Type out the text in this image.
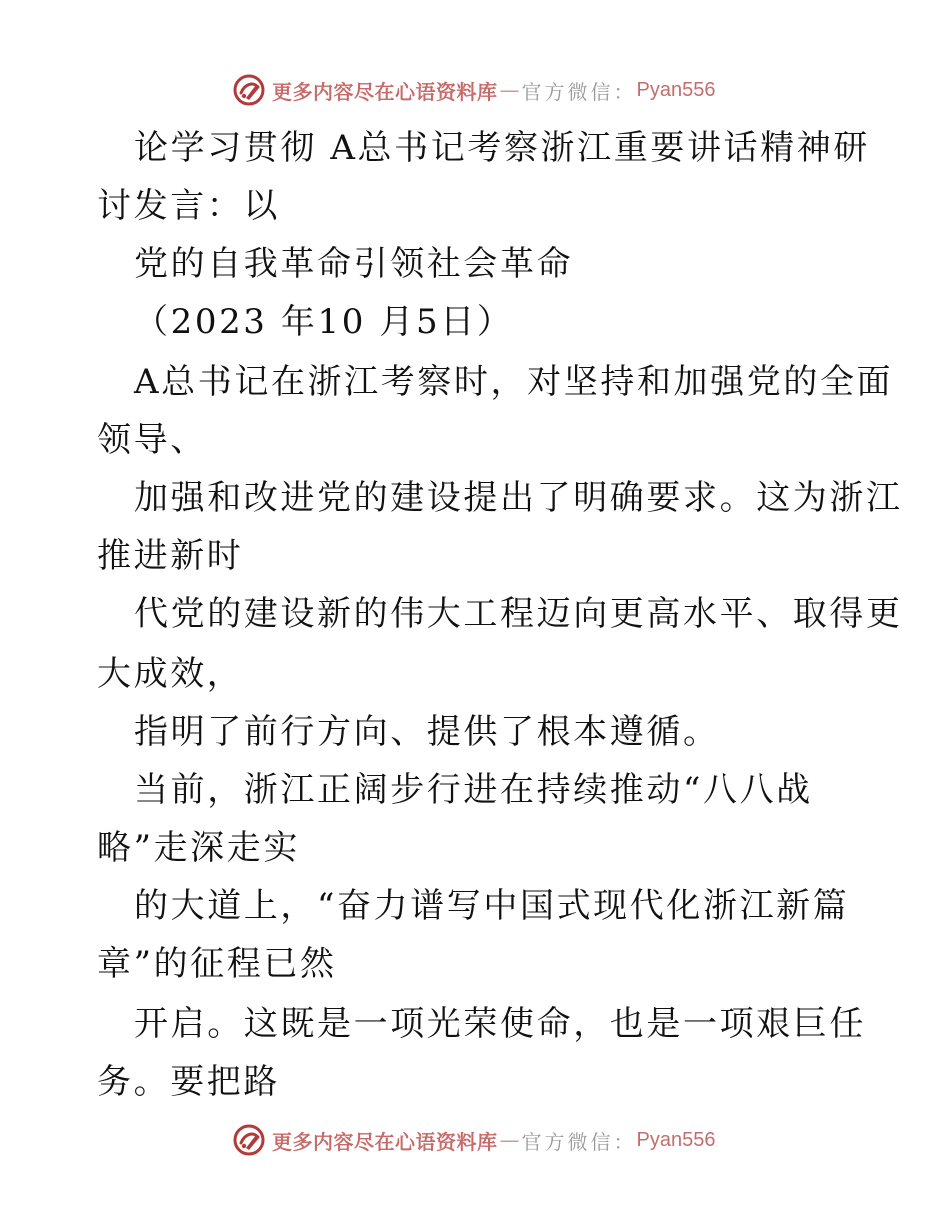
更多内容尽在心语资料库 — 官方微信： Pyan556
论学习贯彻 A总书记考察浙江重要讲话精神研
讨发言：以
党的自我革命引领社会革命
（2023 年10 月5日）
A总书记在浙江考察时，对坚持和加强党的全面
领导、
加强和改进党的建设提出了明确要求。这为浙江
推进新时
代党的建设新的伟大工程迈向更高水平、取得更
大成效，
指明了前行方向、提供了根本遵循。
当前，浙江正阔步行进在持续推动“八八战
略”走深走实
的大道上，“奋力谱写中国式现代化浙江新篇
章”的征程已然
开启。这既是一项光荣使命，也是一项艰巨任
务。要把路
更多内容尽在心语资料库 — 官方微信： Pyan556
